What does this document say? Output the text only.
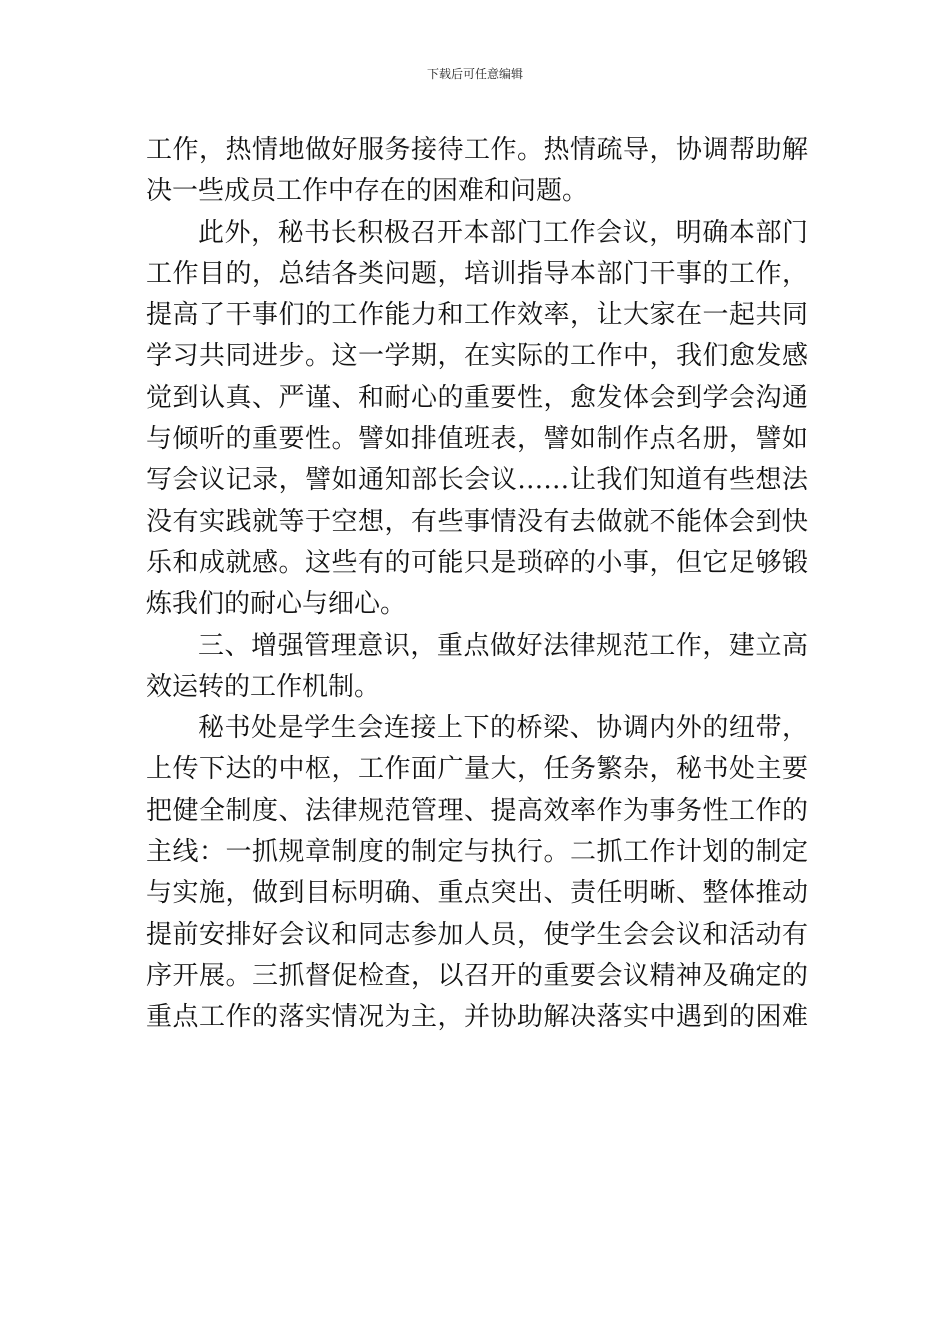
下载后可任意编辑
工作，热情地做好服务接待工作。热情疏导，协调帮助解
决一些成员工作中存在的困难和问题。
此外，秘书长积极召开本部门工作会议，明确本部门
工作目的，总结各类问题，培训指导本部门干事的工作，
提高了干事们的工作能力和工作效率，让大家在一起共同
学习共同进步。这一学期，在实际的工作中，我们愈发感
觉到认真、严谨、和耐心的重要性，愈发体会到学会沟通
与倾听的重要性。譬如排值班表，譬如制作点名册，譬如
写会议记录，譬如通知部长会议……让我们知道有些想法
没有实践就等于空想，有些事情没有去做就不能体会到快
乐和成就感。这些有的可能只是琐碎的小事，但它足够锻
炼我们的耐心与细心。
三、增强管理意识，重点做好法律规范工作，建立高
效运转的工作机制。
秘书处是学生会连接上下的桥梁、协调内外的纽带，
上传下达的中枢，工作面广量大，任务繁杂，秘书处主要
把健全制度、法律规范管理、提高效率作为事务性工作的
主线：一抓规章制度的制定与执行。二抓工作计划的制定
与实施，做到目标明确、重点突出、责任明晰、整体推动
提前安排好会议和同志参加人员，使学生会会议和活动有
序开展。三抓督促检查，以召开的重要会议精神及确定的
重点工作的落实情况为主，并协助解决落实中遇到的困难
